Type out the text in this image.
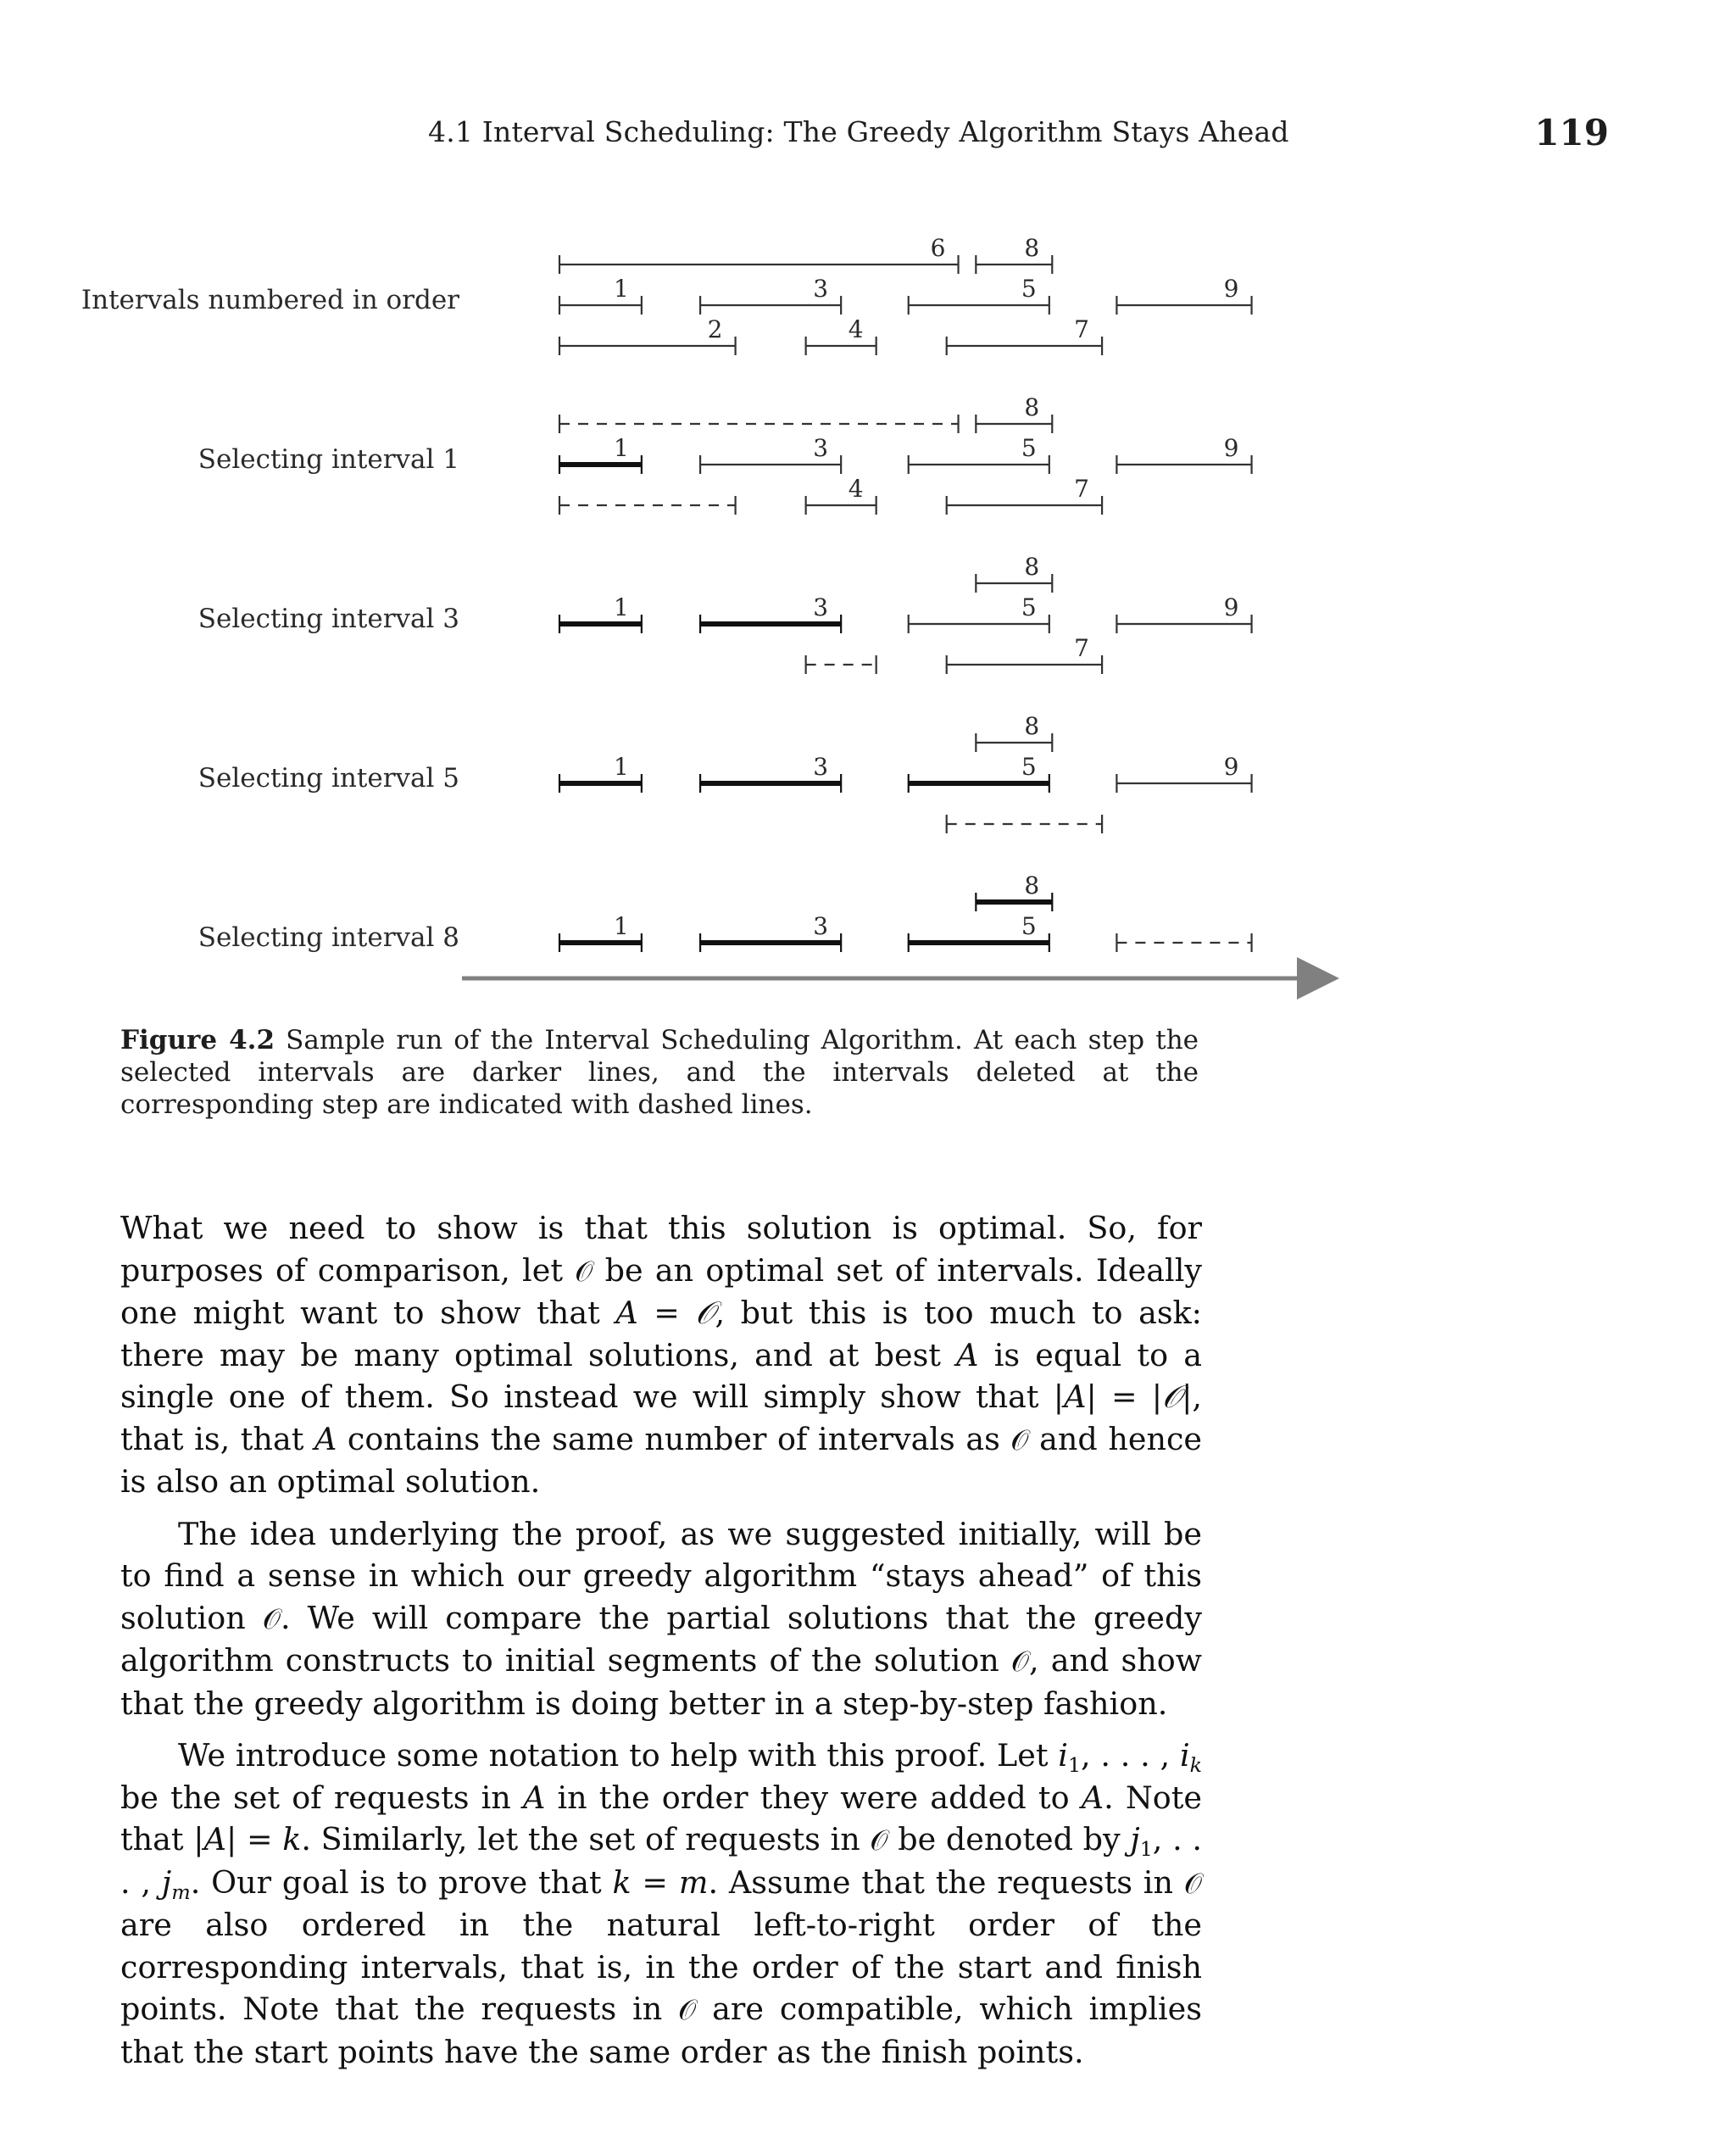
4.1 Interval Scheduling: The Greedy Algorithm Stays Ahead	119
6	8
1	3	5	9
2	4	7
8
1	3	5	9
4	7
8
1	3	5	9
7
8
1	3	5	9
8
1	3	5
Intervals numbered in order
Selecting interval 1
Selecting interval 3
Selecting interval 5
Selecting interval 8
Figure 4.2 Sample run of the Interval Scheduling Algorithm. At each step the selected intervals are darker lines, and the intervals deleted at the corresponding step are indicated with dashed lines.

What we need to show is that this solution is optimal. So, for purposes of comparison, let 𝒪 be an optimal set of intervals. Ideally one might want to show that A = 𝒪, but this is too much to ask: there may be many optimal solutions, and at best A is equal to a single one of them. So instead we will simply show that |A| = |𝒪|, that is, that A contains the same number of intervals as 𝒪 and hence is also an optimal solution.

The idea underlying the proof, as we suggested initially, will be to find a sense in which our greedy algorithm “stays ahead” of this solution 𝒪. We will compare the partial solutions that the greedy algorithm constructs to initial segments of the solution 𝒪, and show that the greedy algorithm is doing better in a step-by-step fashion.

We introduce some notation to help with this proof. Let $i_1$, . . . , $i_k$ be the set of requests in A in the order they were added to A. Note that |A| = k. Similarly, let the set of requests in 𝒪 be denoted by $j_1$, . . . , $j_m$. Our goal is to prove that k = m. Assume that the requests in 𝒪 are also ordered in the natural left-to-right order of the corresponding intervals, that is, in the order of the start and finish points. Note that the requests in 𝒪 are compatible, which implies that the start points have the same order as the finish points.
